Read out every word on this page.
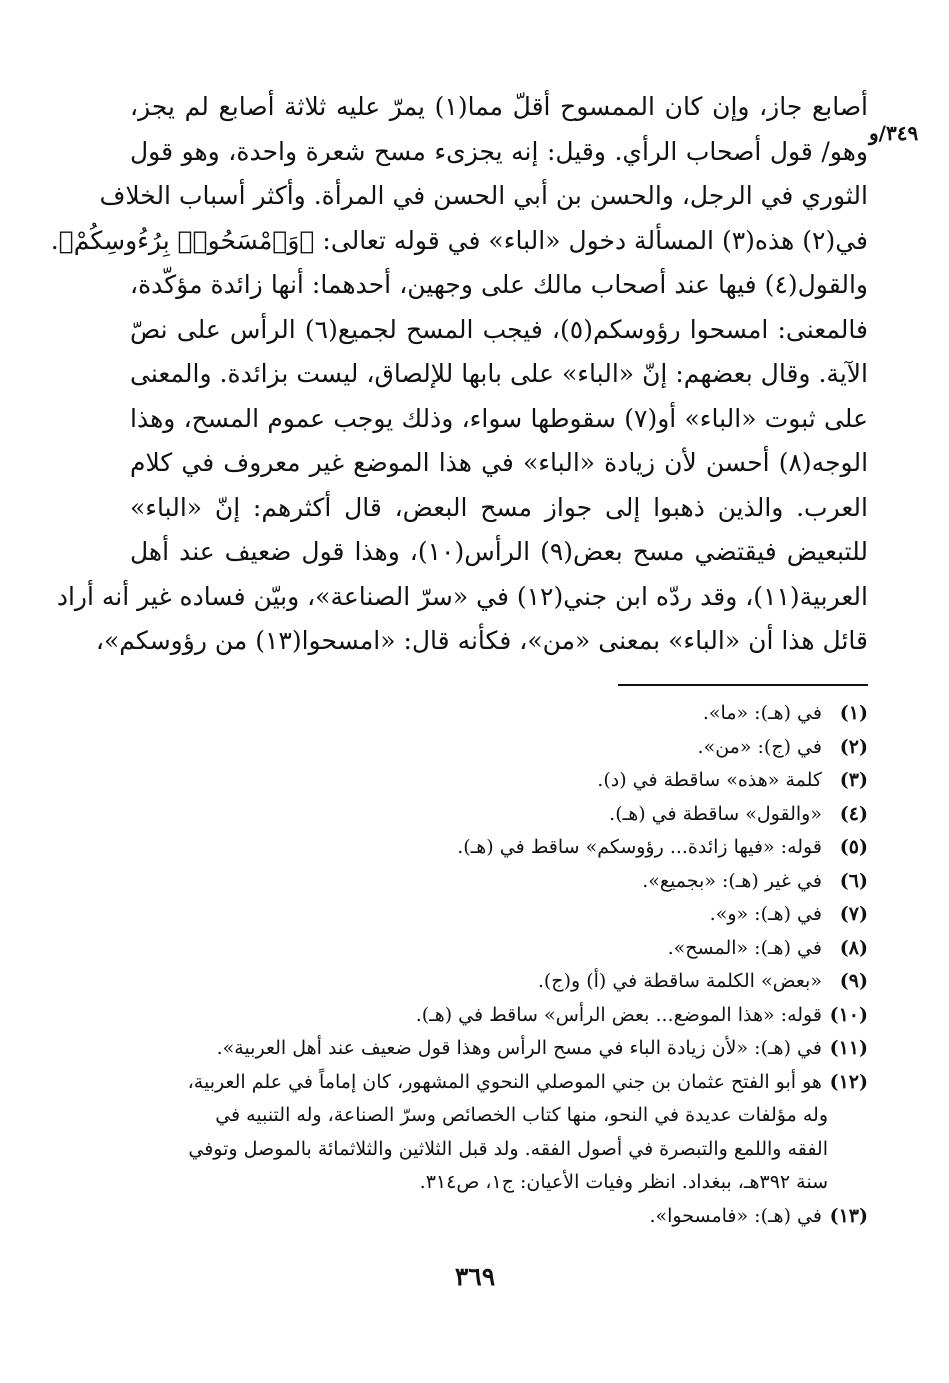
٣٤٩/و
أصابع جاز، وإن كان الممسوح أقلّ مما(١) يمرّ عليه ثلاثة أصابع لم يجز،
وهو/ قول أصحاب الرأي. وقيل: إنه يجزىء مسح شعرة واحدة، وهو قول
الثوري في الرجل، والحسن بن أبي الحسن في المرأة. وأكثر أسباب الخلاف
في(٢) هذه(٣) المسألة دخول «الباء» في قوله تعالى: ﴿وَٱمْسَحُوا۟ بِرُءُوسِكُمْ﴾.
والقول(٤) فيها عند أصحاب مالك على وجهين، أحدهما: أنها زائدة مؤكّدة،
فالمعنى: امسحوا رؤوسكم(٥)، فيجب المسح لجميع(٦) الرأس على نصّ
الآية. وقال بعضهم: إنّ «الباء» على بابها للإلصاق، ليست بزائدة. والمعنى
على ثبوت «الباء» أو(٧) سقوطها سواء، وذلك يوجب عموم المسح، وهذا
الوجه(٨) أحسن لأن زيادة «الباء» في هذا الموضع غير معروف في كلام
العرب. والذين ذهبوا إلى جواز مسح البعض، قال أكثرهم: إنّ «الباء»
للتبعيض فيقتضي مسح بعض(٩) الرأس(١٠)، وهذا قول ضعيف عند أهل
العربية(١١)، وقد ردّه ابن جني(١٢) في «سرّ الصناعة»، وبيّن فساده غير أنه أراد
قائل هذا أن «الباء» بمعنى «من»، فكأنه قال: «امسحوا(١٣) من رؤوسكم»،
(١) في (هـ): «ما».
(٢) في (ج): «من».
(٣) كلمة «هذه» ساقطة في (د).
(٤) «والقول» ساقطة في (هـ).
(٥) قوله: «فيها زائدة... رؤوسكم» ساقط في (هـ).
(٦) في غير (هـ): «بجميع».
(٧) في (هـ): «و».
(٨) في (هـ): «المسح».
(٩) «بعض» الكلمة ساقطة في (أ) و(ج).
(١٠) قوله: «هذا الموضع... بعض الرأس» ساقط في (هـ).
(١١) في (هـ): «لأن زيادة الباء في مسح الرأس وهذا قول ضعيف عند أهل العربية».
(١٢) هو أبو الفتح عثمان بن جني الموصلي النحوي المشهور، كان إماماً في علم العربية،
وله مؤلفات عديدة في النحو، منها كتاب الخصائص وسرّ الصناعة، وله التنبيه في
الفقه واللمع والتبصرة في أصول الفقه. ولد قبل الثلاثين والثلاثمائة بالموصل وتوفي
سنة ٣٩٢هـ، ببغداد. انظر وفيات الأعيان: ج١، ص٣١٤.
(١٣) في (هـ): «فامسحوا».
٣٦٩
